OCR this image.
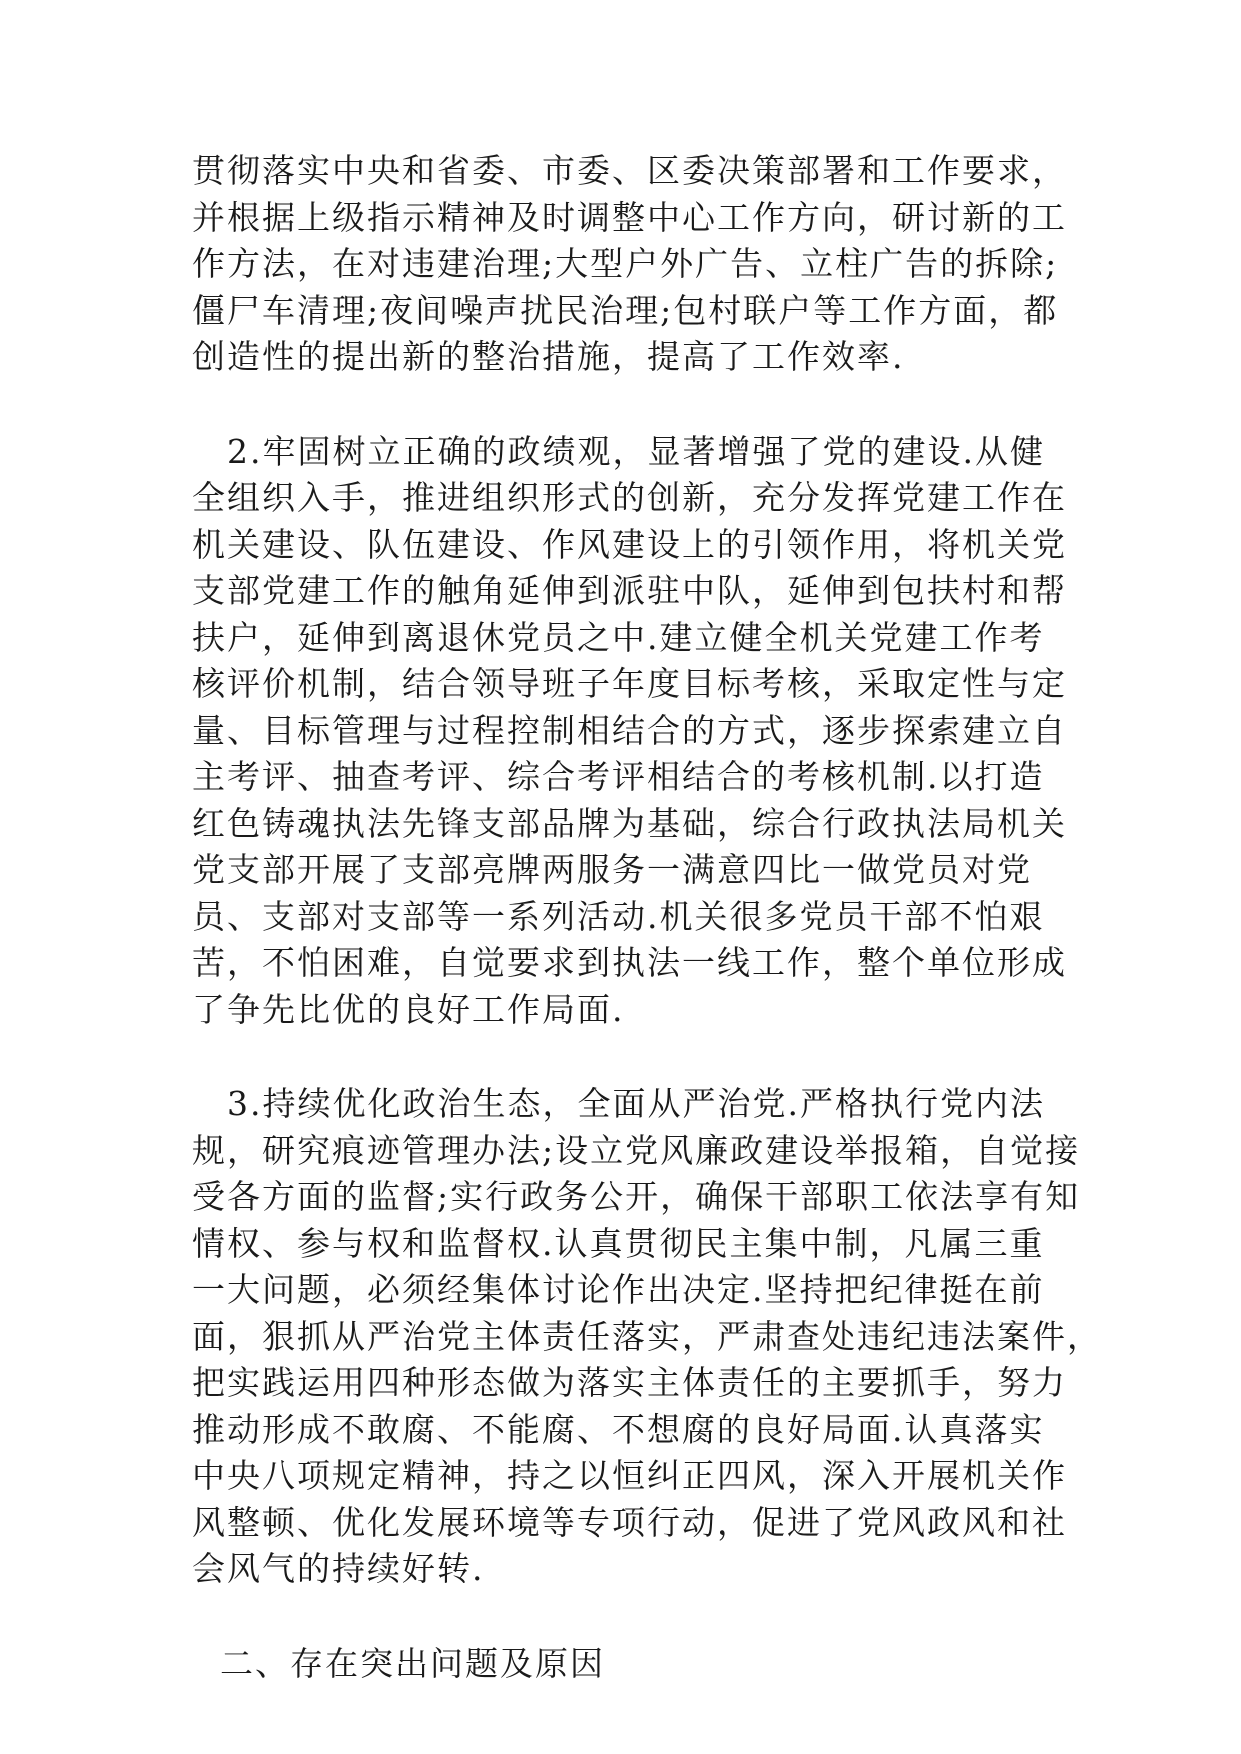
贯彻落实中央和省委、市委、区委决策部署和工作要求，
并根据上级指示精神及时调整中心工作方向，研讨新的工
作方法，在对违建治理;大型户外广告、立柱广告的拆除;
僵尸车清理;夜间噪声扰民治理;包村联户等工作方面，都
创造性的提出新的整治措施，提高了工作效率.
　2.牢固树立正确的政绩观，显著增强了党的建设.从健
全组织入手，推进组织形式的创新，充分发挥党建工作在
机关建设、队伍建设、作风建设上的引领作用，将机关党
支部党建工作的触角延伸到派驻中队，延伸到包扶村和帮
扶户，延伸到离退休党员之中.建立健全机关党建工作考
核评价机制，结合领导班子年度目标考核，采取定性与定
量、目标管理与过程控制相结合的方式，逐步探索建立自
主考评、抽查考评、综合考评相结合的考核机制.以打造
红色铸魂执法先锋支部品牌为基础，综合行政执法局机关
党支部开展了支部亮牌两服务一满意四比一做党员对党
员、支部对支部等一系列活动.机关很多党员干部不怕艰
苦，不怕困难，自觉要求到执法一线工作，整个单位形成
了争先比优的良好工作局面.
　3.持续优化政治生态，全面从严治党.严格执行党内法
规，研究痕迹管理办法;设立党风廉政建设举报箱，自觉接
受各方面的监督;实行政务公开，确保干部职工依法享有知
情权、参与权和监督权.认真贯彻民主集中制，凡属三重
一大问题，必须经集体讨论作出决定.坚持把纪律挺在前
面，狠抓从严治党主体责任落实，严肃查处违纪违法案件，
把实践运用四种形态做为落实主体责任的主要抓手，努力
推动形成不敢腐、不能腐、不想腐的良好局面.认真落实
中央八项规定精神，持之以恒纠正四风，深入开展机关作
风整顿、优化发展环境等专项行动，促进了党风政风和社
会风气的持续好转.
二、存在突出问题及原因
